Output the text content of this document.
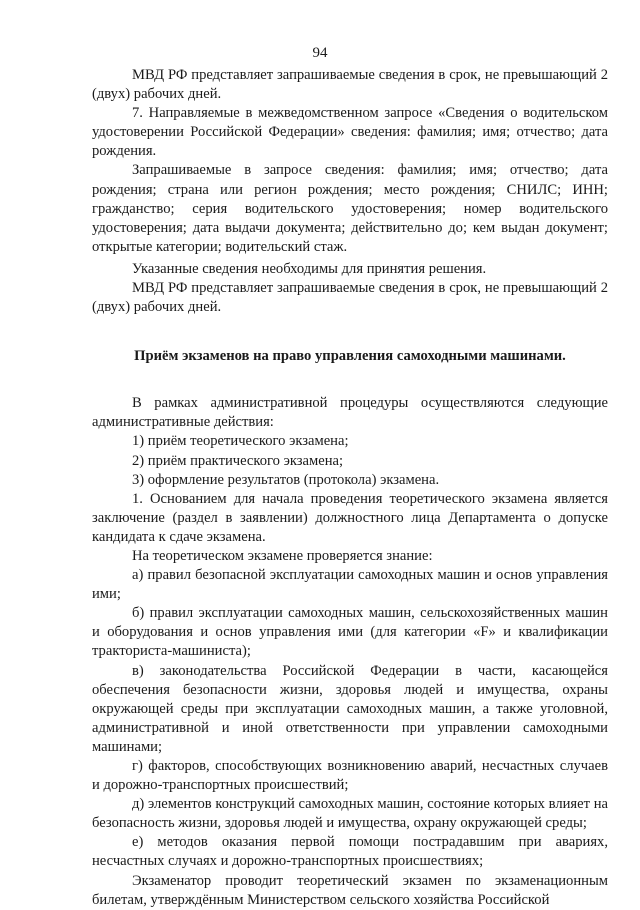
94

МВД РФ представляет запрашиваемые сведения в срок, не превышающий 2 (двух) рабочих дней.

7. Направляемые в межведомственном запросе «Сведения о водительском удостоверении Российской Федерации» сведения: фамилия; имя; отчество; дата рождения.

Запрашиваемые в запросе сведения: фамилия; имя; отчество; дата рождения; страна или регион рождения; место рождения; СНИЛС; ИНН; гражданство; серия водительского удостоверения; номер водительского удостоверения; дата выдачи документа; действительно до; кем выдан документ; открытые категории; водительский стаж.

Указанные сведения необходимы для принятия решения.

МВД РФ представляет запрашиваемые сведения в срок, не превышающий 2 (двух) рабочих дней.

Приём экзаменов на право управления самоходными машинами.

В рамках административной процедуры осуществляются следующие административные действия:

1) приём теоретического экзамена;

2) приём практического экзамена;

3) оформление результатов (протокола) экзамена.

1. Основанием для начала проведения теоретического экзамена является заключение (раздел в заявлении) должностного лица Департамента о допуске кандидата к сдаче экзамена.

На теоретическом экзамене проверяется знание:

а) правил безопасной эксплуатации самоходных машин и основ управления ими;

б) правил эксплуатации самоходных машин, сельскохозяйственных машин и оборудования и основ управления ими (для категории «F» и квалификации тракториста-машиниста);

в) законодательства Российской Федерации в части, касающейся обеспечения безопасности жизни, здоровья людей и имущества, охраны окружающей среды при эксплуатации самоходных машин, а также уголовной, административной и иной ответственности при управлении самоходными машинами;

г) факторов, способствующих возникновению аварий, несчастных случаев и дорожно-транспортных происшествий;

д) элементов конструкций самоходных машин, состояние которых влияет на безопасность жизни, здоровья людей и имущества, охрану окружающей среды;

е) методов оказания первой помощи пострадавшим при авариях, несчастных случаях и дорожно-транспортных происшествиях;

Экзаменатор проводит теоретический экзамен по экзаменационным билетам, утверждённым Министерством сельского хозяйства Российской
